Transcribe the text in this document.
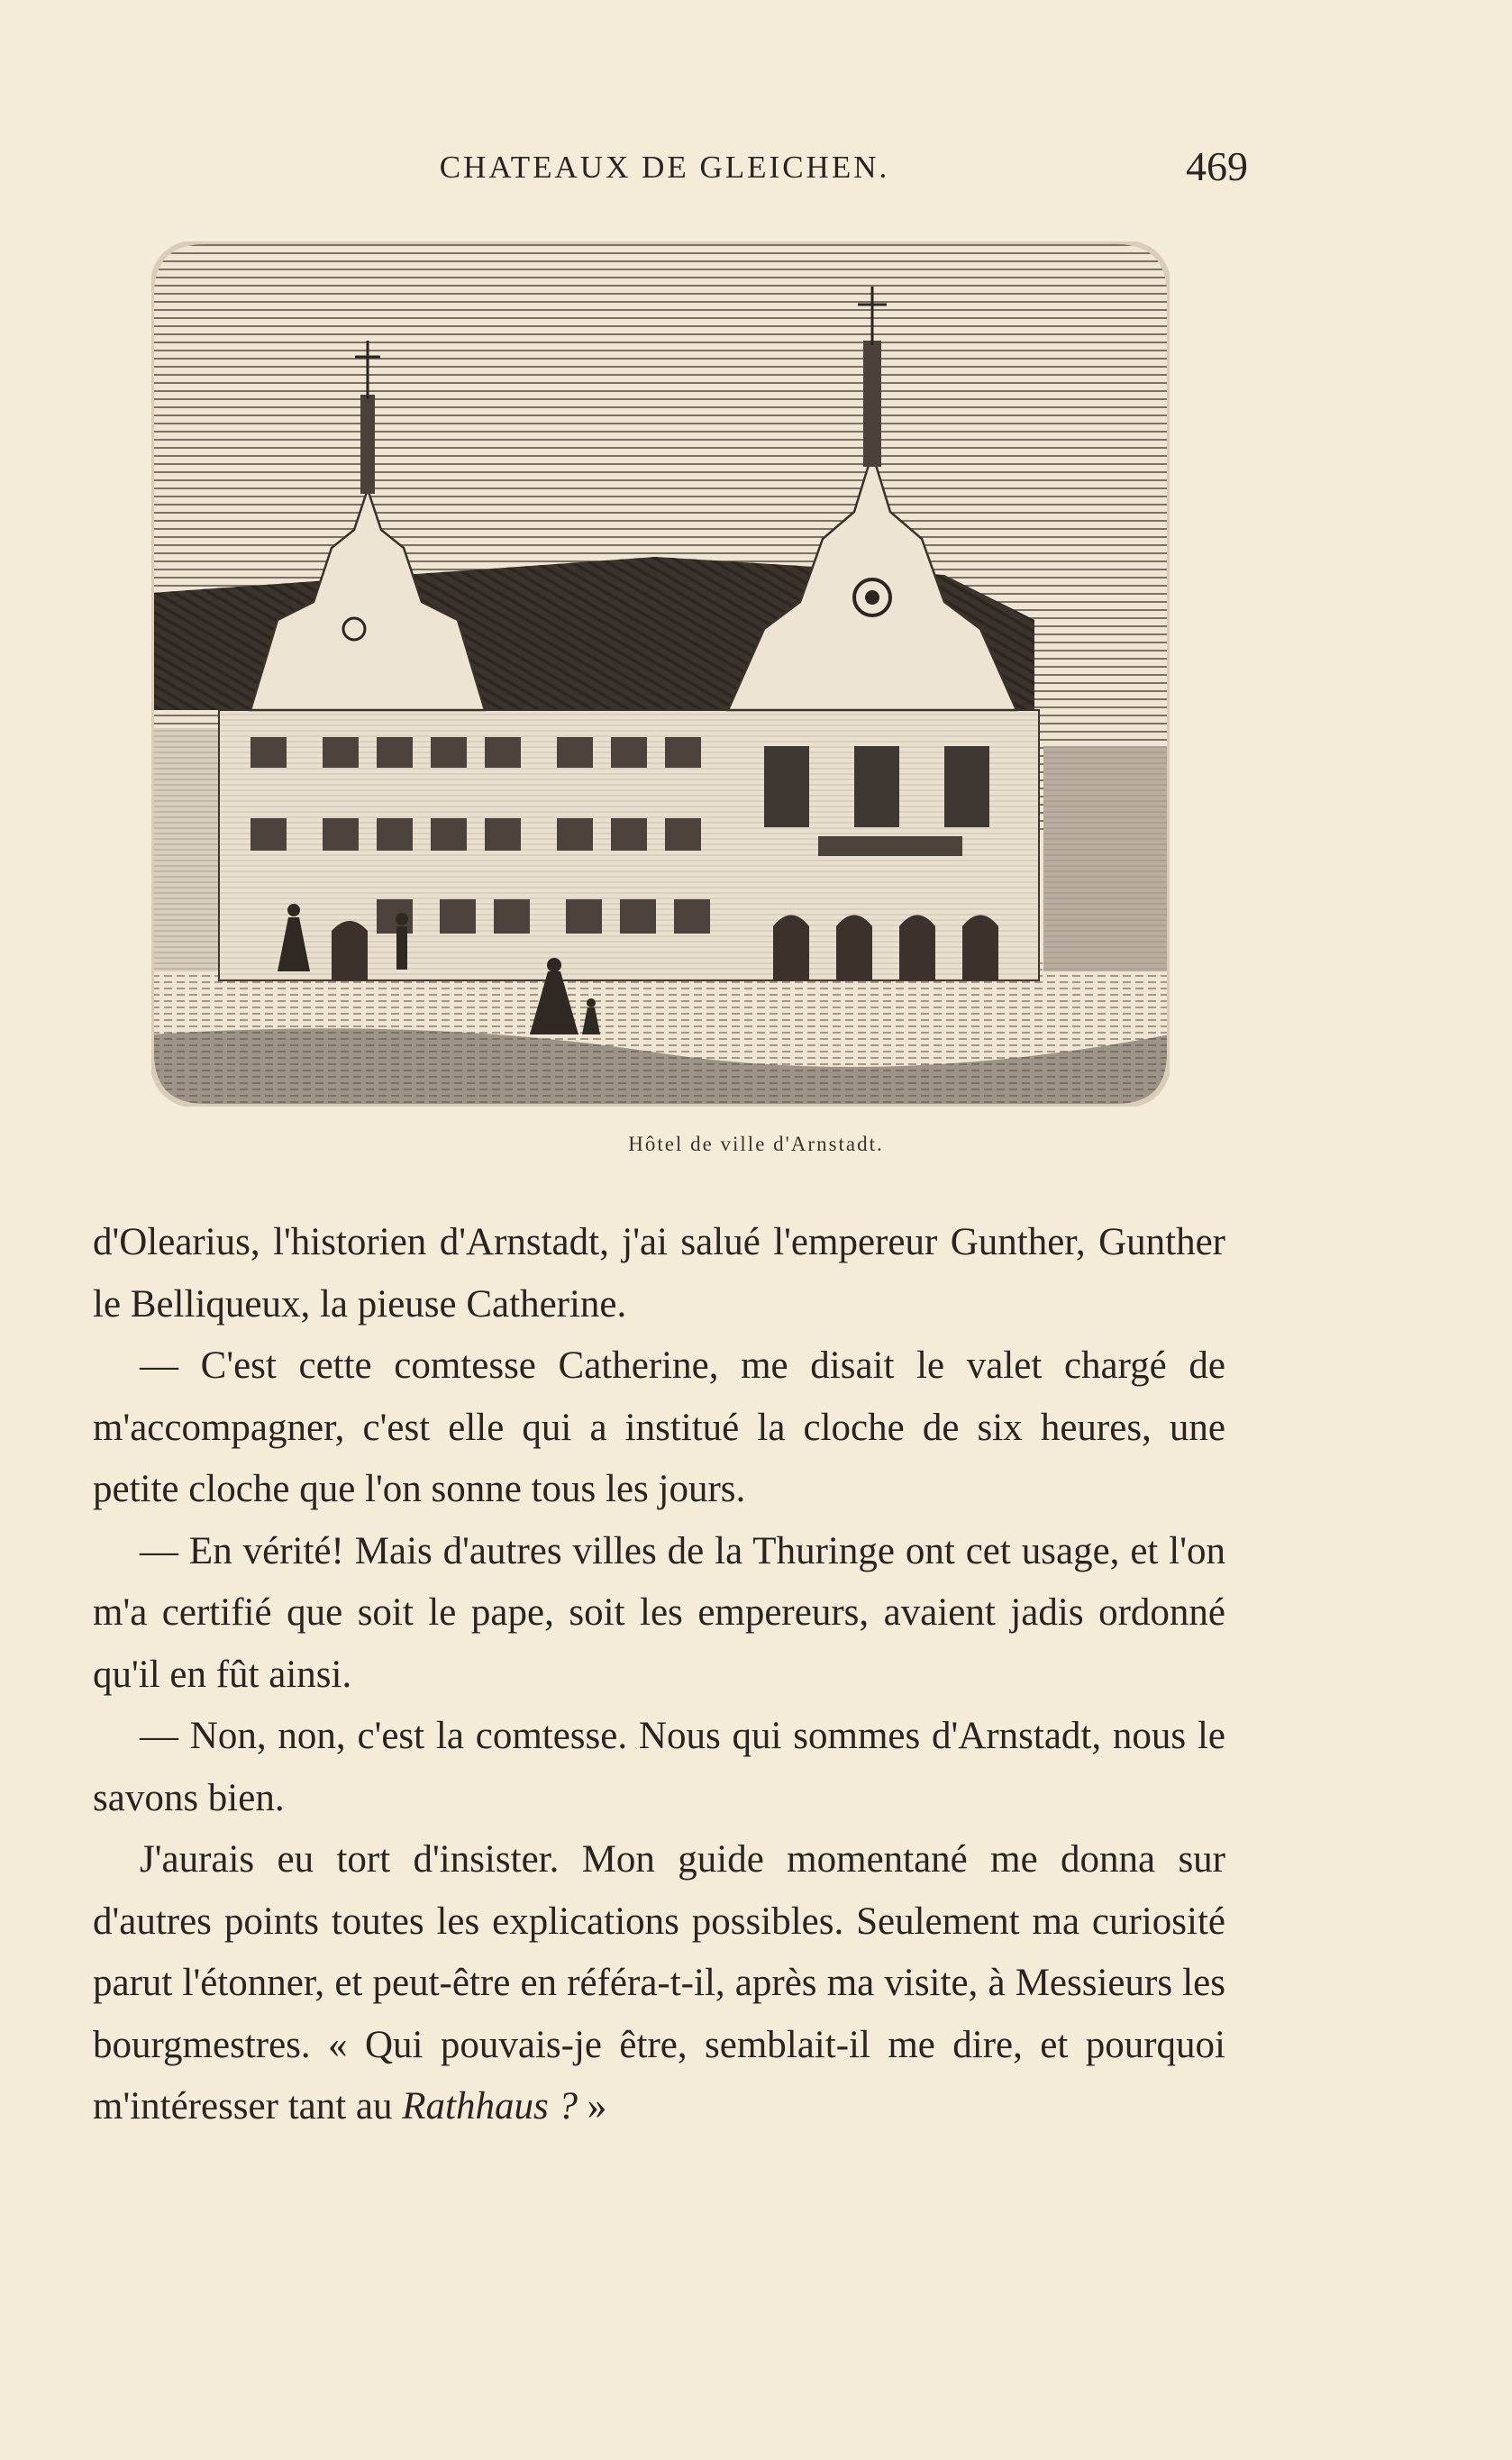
CHATEAUX DE GLEICHEN.	469
Hôtel de ville d'Arnstadt.

d'Olearius, l'historien d'Arnstadt, j'ai salué l'empereur Gunther, Gunther le Belliqueux, la pieuse Catherine.

— C'est cette comtesse Catherine, me disait le valet chargé de m'accompagner, c'est elle qui a institué la cloche de six heures, une petite cloche que l'on sonne tous les jours.

— En vérité! Mais d'autres villes de la Thuringe ont cet usage, et l'on m'a certifié que soit le pape, soit les empereurs, avaient jadis ordonné qu'il en fût ainsi.

— Non, non, c'est la comtesse. Nous qui sommes d'Arnstadt, nous le savons bien.

J'aurais eu tort d'insister. Mon guide momentané me donna sur d'autres points toutes les explications possibles. Seulement ma curiosité parut l'étonner, et peut-être en référa-t-il, après ma visite, à Messieurs les bourgmestres. « Qui pouvais-je être, semblait-il me dire, et pourquoi m'intéresser tant au Rathhaus ? »
